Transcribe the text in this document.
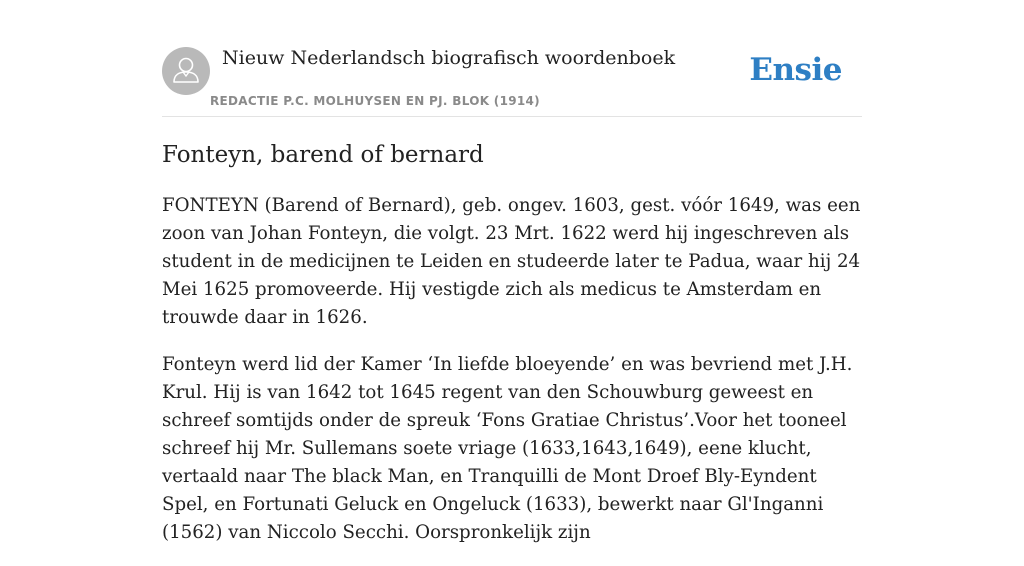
Nieuw Nederlandsch biografisch woordenboek
REDACTIE P.C. MOLHUYSEN EN PJ. BLOK (1914)
Ensie
Fonteyn, barend of bernard

FONTEYN (Barend of Bernard), geb. ongev. 1603, gest. vóór 1649, was een zoon van Johan Fonteyn, die volgt. 23 Mrt. 1622 werd hij ingeschreven als student in de medicijnen te Leiden en studeerde later te Padua, waar hij 24 Mei 1625 promoveerde. Hij vestigde zich als medicus te Amsterdam en trouwde daar in 1626.

Fonteyn werd lid der Kamer ‘In liefde bloeyende’ en was bevriend met J.H. Krul. Hij is van 1642 tot 1645 regent van den Schouwburg geweest en schreef somtijds onder de spreuk ‘Fons Gratiae Christus’.Voor het tooneel schreef hij Mr. Sullemans soete vriage (1633,1643,1649), eene klucht, vertaald naar The black Man, en Tranquilli de Mont Droef Bly-Eyndent Spel, en Fortunati Geluck en Ongeluck (1633), bewerkt naar Gl'Inganni (1562) van Niccolo Secchi. Oorspronkelijk zijn
